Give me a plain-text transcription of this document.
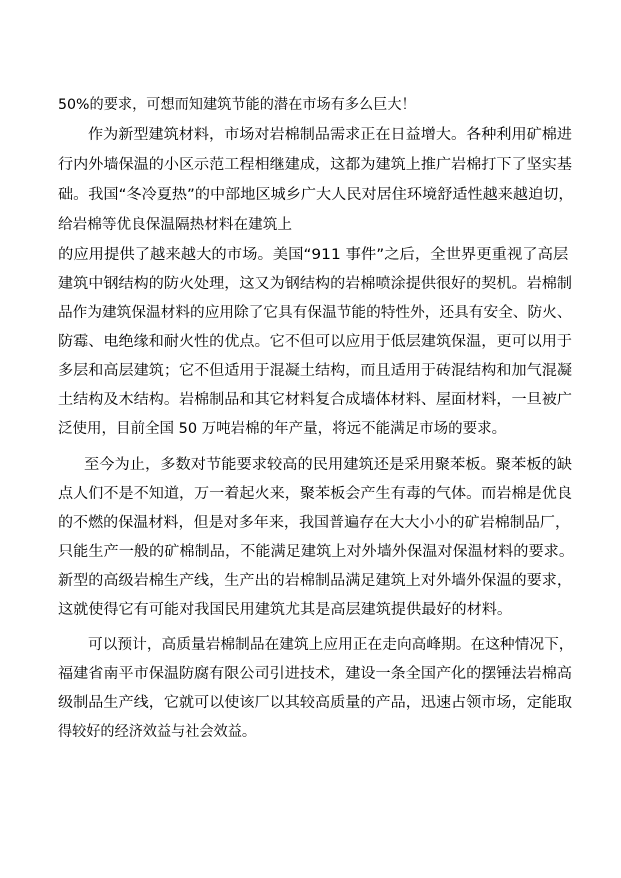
50%的要求，可想而知建筑节能的潜在市场有多么巨大！
作为新型建筑材料，市场对岩棉制品需求正在日益增大。各种利用矿棉进
行内外墙保温的小区示范工程相继建成，这都为建筑上推广岩棉打下了坚实基
础。我国“冬冷夏热”的中部地区城乡广大人民对居住环境舒适性越来越迫切，
给岩棉等优良保温隔热材料在建筑上
的应用提供了越来越大的市场。美国“911 事件”之后，全世界更重视了高层
建筑中钢结构的防火处理，这又为钢结构的岩棉喷涂提供很好的契机。岩棉制
品作为建筑保温材料的应用除了它具有保温节能的特性外，还具有安全、防火、
防霉、电绝缘和耐火性的优点。它不但可以应用于低层建筑保温，更可以用于
多层和高层建筑；它不但适用于混凝土结构，而且适用于砖混结构和加气混凝
土结构及木结构。岩棉制品和其它材料复合成墙体材料、屋面材料，一旦被广
泛使用，目前全国 50 万吨岩棉的年产量，将远不能满足市场的要求。
至今为止，多数对节能要求较高的民用建筑还是采用聚苯板。聚苯板的缺
点人们不是不知道，万一着起火来，聚苯板会产生有毒的气体。而岩棉是优良
的不燃的保温材料，但是对多年来，我国普遍存在大大小小的矿岩棉制品厂，
只能生产一般的矿棉制品，不能满足建筑上对外墙外保温对保温材料的要求。
新型的高级岩棉生产线，生产出的岩棉制品满足建筑上对外墙外保温的要求，
这就使得它有可能对我国民用建筑尤其是高层建筑提供最好的材料。
可以预计，高质量岩棉制品在建筑上应用正在走向高峰期。在这种情况下，
福建省南平市保温防腐有限公司引进技术，建设一条全国产化的摆锤法岩棉高
级制品生产线，它就可以使该厂以其较高质量的产品，迅速占领市场，定能取
得较好的经济效益与社会效益。
